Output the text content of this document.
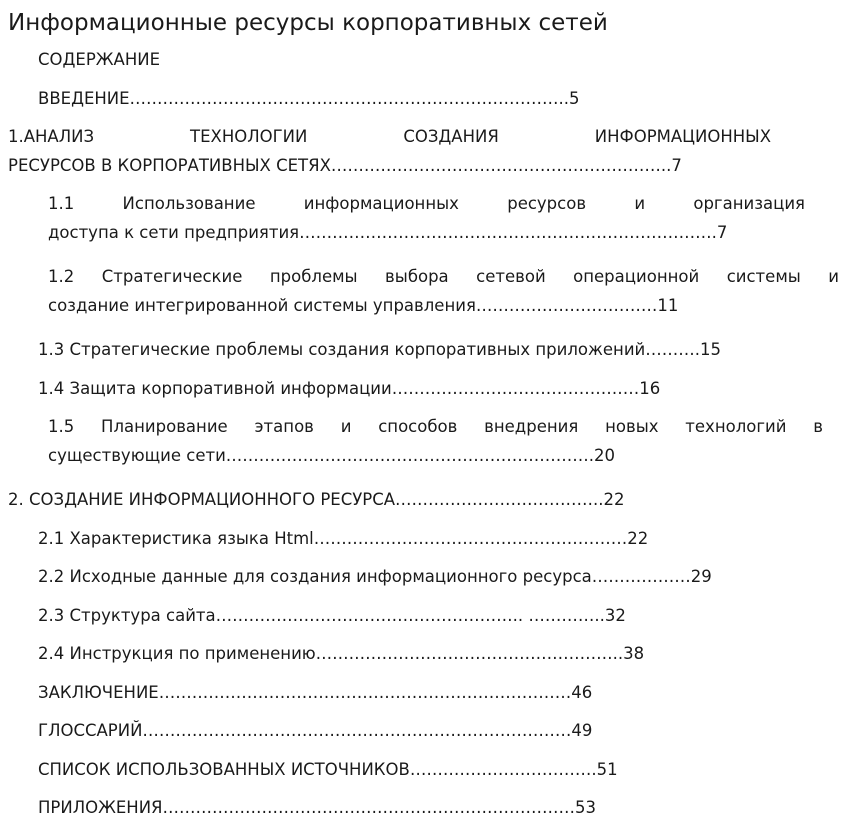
Информационные ресурсы корпоративных сетей
СОДЕРЖАНИЕ
ВВЕДЕНИЕ……………………………………………………………………..5
1.АНАЛИЗ ТЕХНОЛОГИИ СОЗДАНИЯ ИНФОРМАЦИОННЫХ
РЕСУРСОВ В КОРПОРАТИВНЫХ СЕТЯХ……………………………………………………..7
1.1 Использование информационных ресурсов и организация
доступа к сети предприятия………………………………………………………………….7
1.2 Стратегические проблемы выбора сетевой операционной системы и
создание интегрированной системы управления……………………………11
1.3 Стратегические проблемы создания корпоративных приложений……….15
1.4 Защита корпоративной информации………………………………………16
1.5 Планирование этапов и способов внедрения новых технологий в
существующие сети………………………………………………………….20
2. СОЗДАНИЕ ИНФОРМАЦИОННОГО РЕСУРСА………………………………..22
2.1 Характеристика языка Html…………………………………………………22
2.2 Исходные данные для создания информационного ресурса………………29
2.3 Структура сайта……………………………………………….. …………..32
2.4 Инструкция по применению………………………………………………..38
ЗАКЛЮЧЕНИЕ…………………………………………………………………46
ГЛОССАРИЙ……………………………………………………………………49
СПИСОК ИСПОЛЬЗОВАННЫХ ИСТОЧНИКОВ…………………………….51
ПРИЛОЖЕНИЯ…………………………………………………………………53
